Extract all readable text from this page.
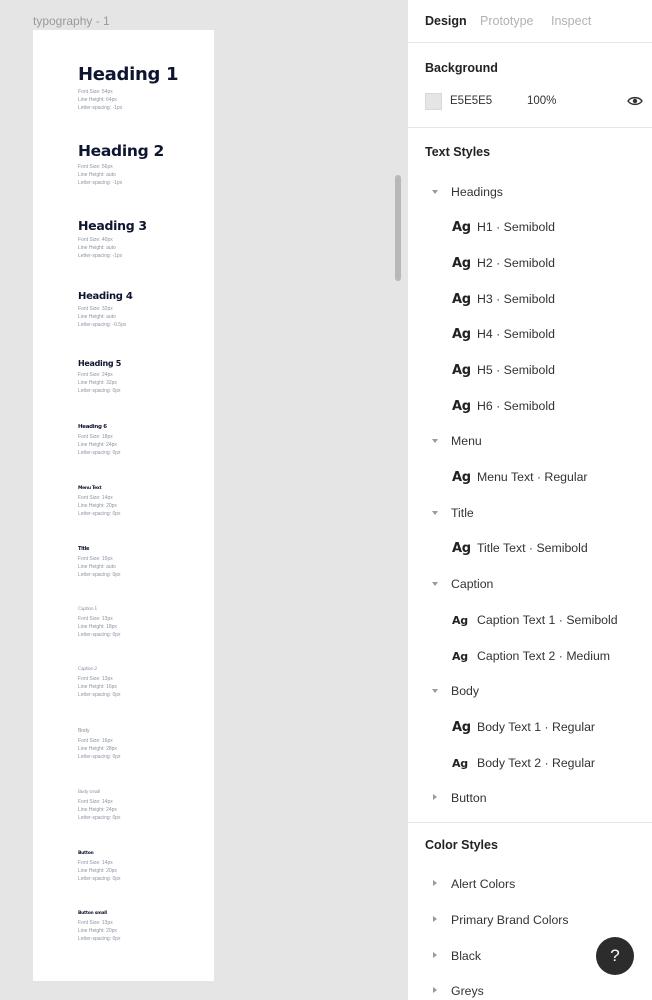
typography - 1
Heading 1
Font Size: 54px
Line Height: 64px
Letter-spacing: -1px
Heading 2
Font Size: 56px
Line Height: auto
Letter-spacing: -1px
Heading 3
Font Size: 40px
Line Height: auto
Letter-spacing: -1px
Heading 4
Font Size: 32px
Line Height: auto
Letter-spacing: -0.5px
Heading 5
Font Size: 24px
Line Height: 32px
Letter-spacing: 0px
Heading 6
Font Size: 18px
Line Height: 24px
Letter-spacing: 0px
Menu Text
Font Size: 14px
Line Height: 20px
Letter-spacing: 0px
Title
Font Size: 16px
Line Height: auto
Letter-spacing: 0px
Caption 1
Font Size: 13px
Line Height: 18px
Letter-spacing: 0px
Caption 2
Font Size: 13px
Line Height: 16px
Letter-spacing: 0px
Body
Font Size: 16px
Line Height: 28px
Letter-spacing: 0px
Body small
Font Size: 14px
Line Height: 24px
Letter-spacing: 0px
Button
Font Size: 14px
Line Height: 20px
Letter-spacing: 0px
Button small
Font Size: 13px
Line Height: 20px
Letter-spacing: 0px
Design Prototype Inspect
Background
E5E5E5	100%
Text Styles
Headings
Ag H1 · Semibold
Ag H2 · Semibold
Ag H3 · Semibold
Ag H4 · Semibold
Ag H5 · Semibold
Ag H6 · Semibold
Menu
Ag Menu Text · Regular
Title
Ag Title Text · Semibold
Caption
Ag Caption Text 1 · Semibold
Ag Caption Text 2 · Medium
Body
Ag Body Text 1 · Regular
Ag Body Text 2 · Regular
Button
Color Styles
Alert Colors
Primary Brand Colors
Black
Greys
?
